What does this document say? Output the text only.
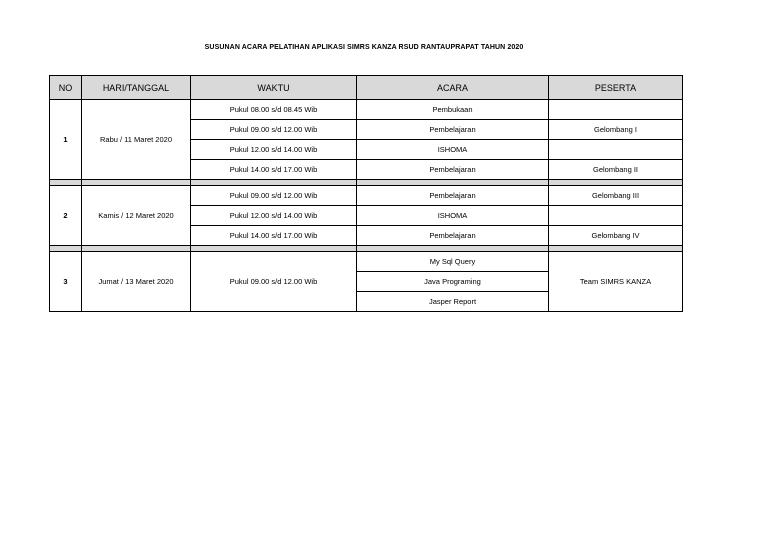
SUSUNAN ACARA PELATIHAN APLIKASI SIMRS KANZA RSUD RANTAUPRAPAT TAHUN 2020
NO	HARI/TANGGAL	WAKTU	ACARA	PESERTA
1	Rabu / 11 Maret 2020	Pukul 08.00 s/d 08.45 Wib	Pembukaan	
		Pukul 09.00 s/d 12.00 Wib	Pembelajaran	Gelombang I
		Pukul 12.00 s/d 14.00 Wib	ISHOMA	
		Pukul 14.00 s/d 17.00 Wib	Pembelajaran	Gelombang II

2	Kamis / 12 Maret 2020	Pukul 09.00 s/d 12.00 Wib	Pembelajaran	Gelombang III
		Pukul 12.00 s/d 14.00 Wib	ISHOMA	
		Pukul 14.00 s/d 17.00 Wib	Pembelajaran	Gelombang IV

3	Jumat / 13 Maret 2020	Pukul 09.00 s/d 12.00 Wib	My Sql Query	Team SIMRS KANZA
			Java Programing	
			Jasper Report	
